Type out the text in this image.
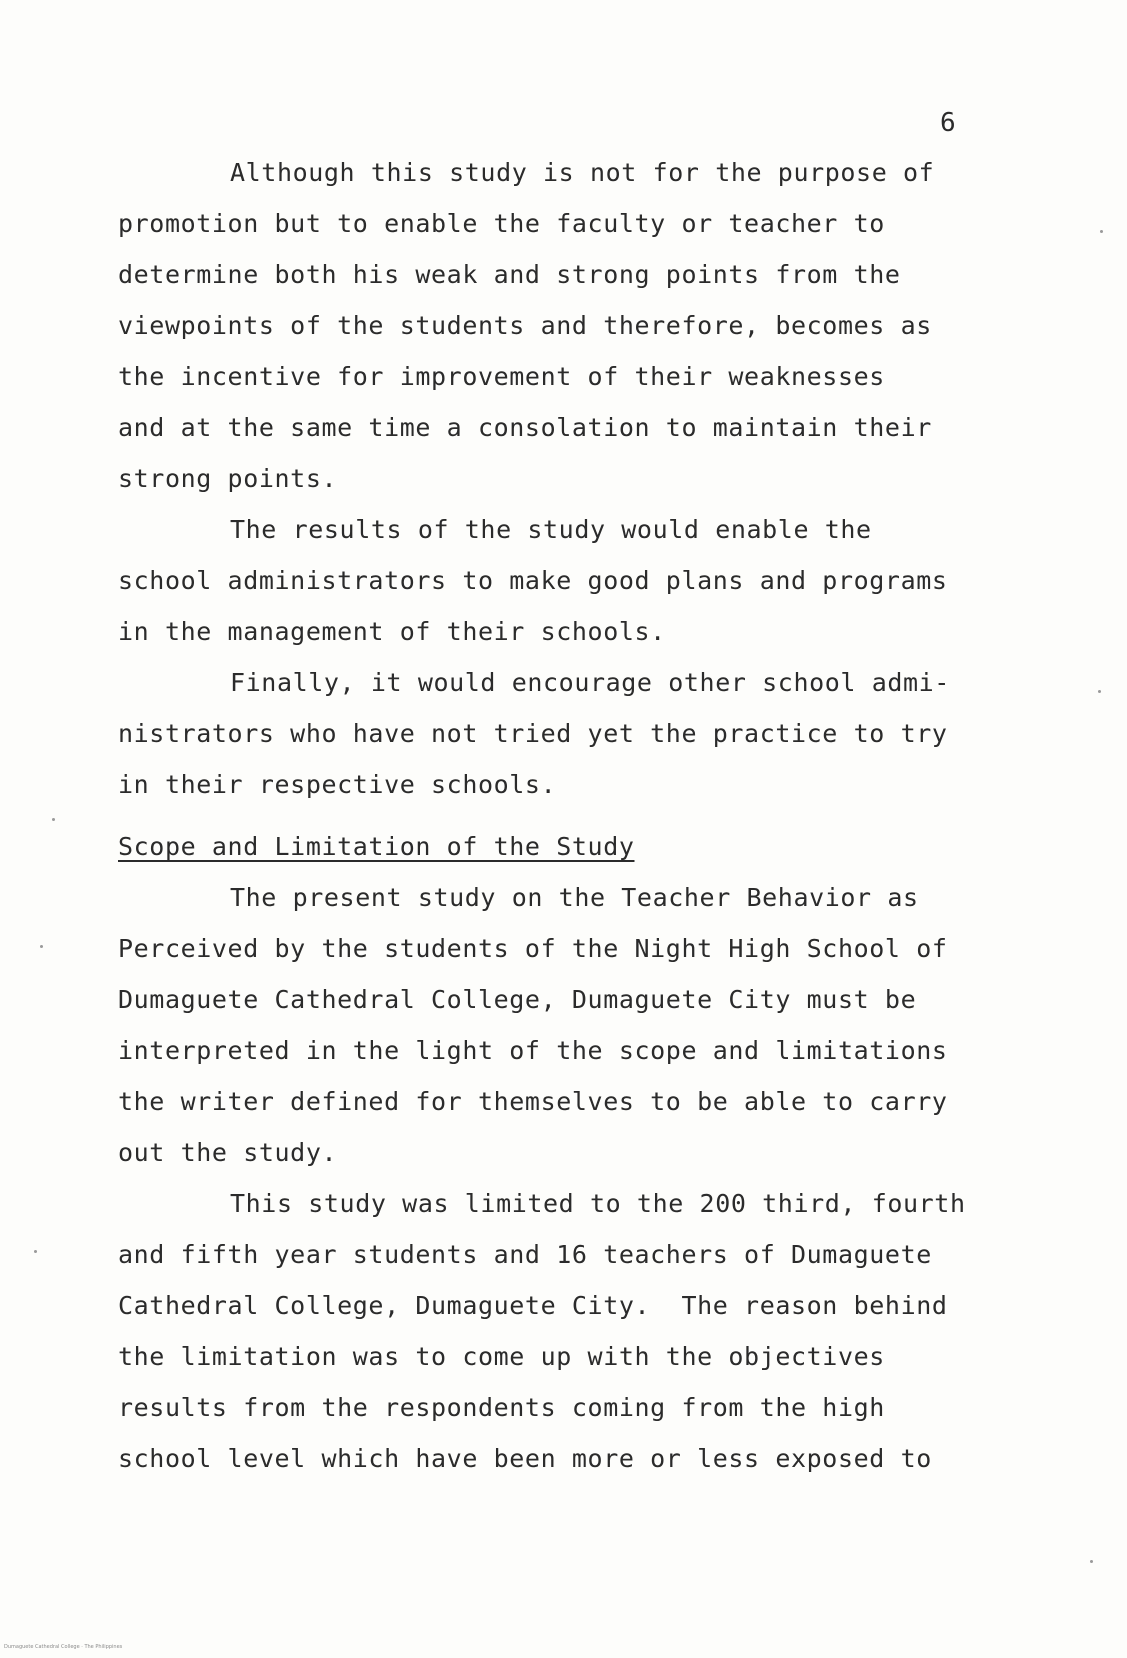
6
Although this study is not for the purpose of
promotion but to enable the faculty or teacher to
determine both his weak and strong points from the
viewpoints of the students and therefore, becomes as
the incentive for improvement of their weaknesses
and at the same time a consolation to maintain their
strong points.
The results of the study would enable the
school administrators to make good plans and programs
in the management of their schools.
Finally, it would encourage other school admi-
nistrators who have not tried yet the practice to try
in their respective schools.
Scope and Limitation of the Study
The present study on the Teacher Behavior as
Perceived by the students of the Night High School of
Dumaguete Cathedral College, Dumaguete City must be
interpreted in the light of the scope and limitations
the writer defined for themselves to be able to carry
out the study.
This study was limited to the 200 third, fourth
and fifth year students and 16 teachers of Dumaguete
Cathedral College, Dumaguete City.  The reason behind
the limitation was to come up with the objectives
results from the respondents coming from the high
school level which have been more or less exposed to
Dumaguete Cathedral College · The Philippines
